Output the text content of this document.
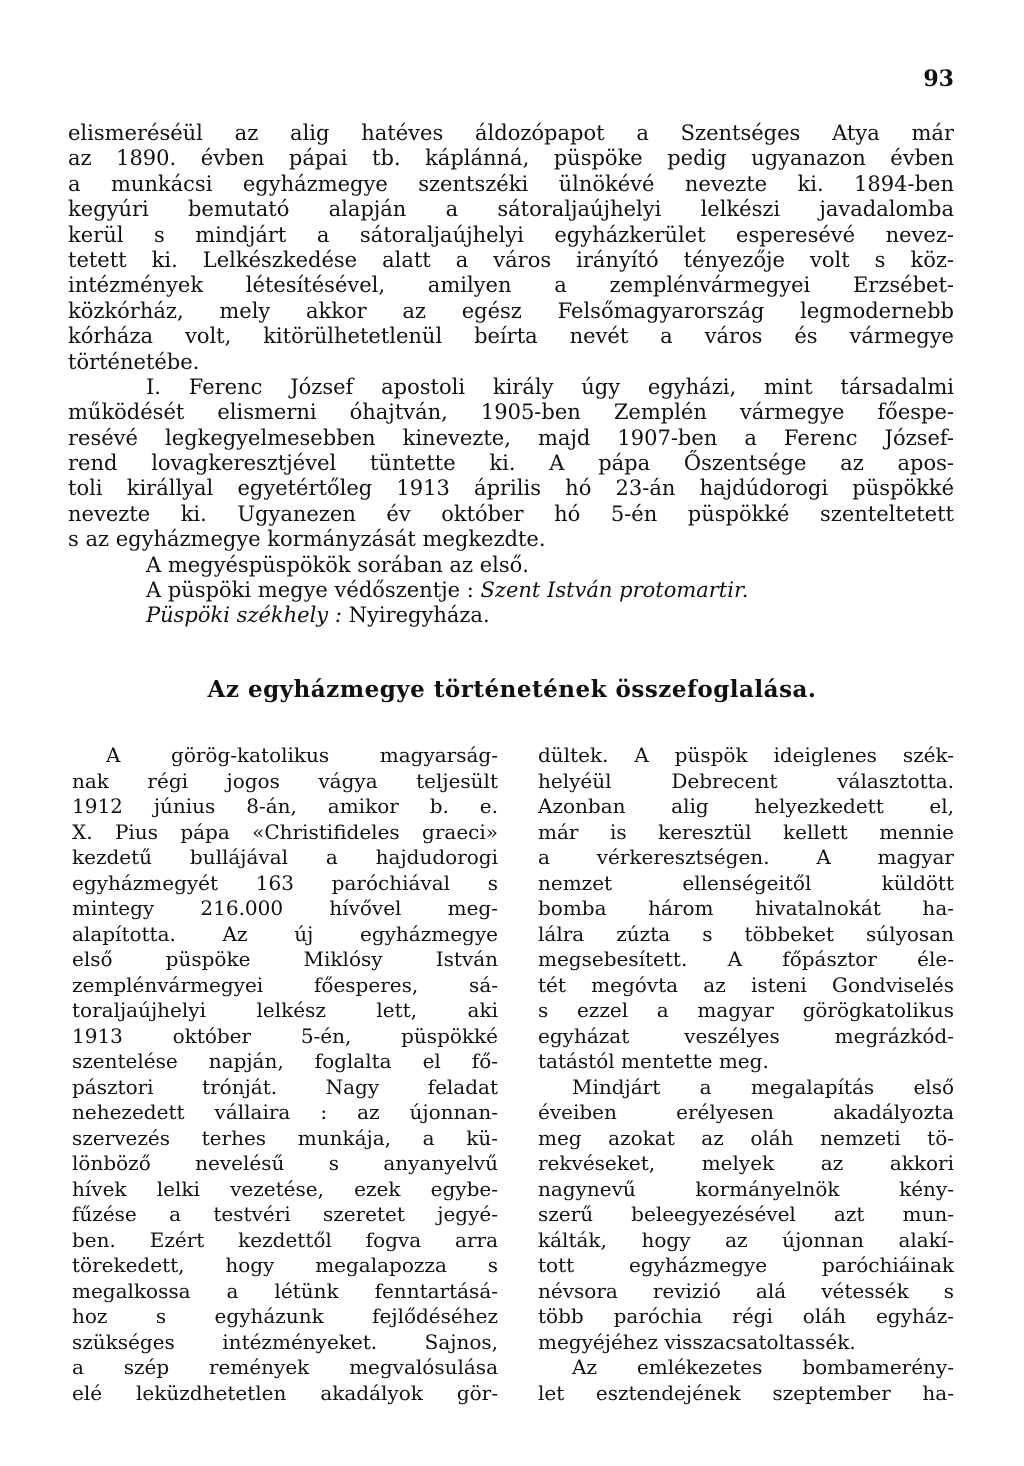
93
elismeréséül az alig hatéves áldozópapot a Szentséges Atya már
az 1890. évben pápai tb. káplánná, püspöke pedig ugyanazon évben
a munkácsi egyházmegye szentszéki ülnökévé nevezte ki. 1894-ben
kegyúri bemutató alapján a sátoraljaújhelyi lelkészi javadalomba
kerül s mindjárt a sátoraljaújhelyi egyházkerület esperesévé nevez-
tetett ki. Lelkészkedése alatt a város irányító tényezője volt s köz-
intézmények létesítésével, amilyen a zemplénvármegyei Erzsébet-
közkórház, mely akkor az egész Felsőmagyarország legmodernebb
kórháza volt, kitörülhetetlenül beírta nevét a város és vármegye
történetébe.
I. Ferenc József apostoli király úgy egyházi, mint társadalmi
működését elismerni óhajtván, 1905-ben Zemplén vármegye főespe-
resévé legkegyelmesebben kinevezte, majd 1907-ben a Ferenc József-
rend lovagkeresztjével tüntette ki. A pápa Őszentsége az apos-
toli királlyal egyetértőleg 1913 április hó 23-án hajdúdorogi püspökké
nevezte ki. Ugyanezen év október hó 5-én püspökké szenteltetett
s az egyházmegye kormányzását megkezdte.
A megyéspüspökök sorában az első.
A püspöki megye védőszentje : Szent István protomartir.
Püspöki székhely : Nyiregyháza.
Az egyházmegye történetének összefoglalása.
A görög-katolikus magyarság-
nak régi jogos vágya teljesült
1912 június 8-án, amikor b. e.
X. Pius pápa «Christifideles graeci»
kezdetű bullájával a hajdudorogi
egyházmegyét 163 paróchiával s
mintegy 216.000 hívővel meg-
alapította. Az új egyházmegye
első püspöke Miklósy István
zemplénvármegyei főesperes, sá-
toraljaújhelyi lelkész lett, aki
1913 október 5-én, püspökké
szentelése napján, foglalta el fő-
pásztori trónját. Nagy feladat
nehezedett vállaira : az újonnan-
szervezés terhes munkája, a kü-
lönböző nevelésű s anyanyelvű
hívek lelki vezetése, ezek egybe-
fűzése a testvéri szeretet jegyé-
ben. Ezért kezdettől fogva arra
törekedett, hogy megalapozza s
megalkossa a létünk fenntartásá-
hoz s egyházunk fejlődéséhez
szükséges intézményeket. Sajnos,
a szép remények megvalósulása
elé leküzdhetetlen akadályok gör-
dültek. A püspök ideiglenes szék-
helyéül Debrecent választotta.
Azonban alig helyezkedett el,
már is keresztül kellett mennie
a vérkeresztségen. A magyar
nemzet ellenségeitől küldött
bomba három hivatalnokát ha-
lálra zúzta s többeket súlyosan
megsebesített. A főpásztor éle-
tét megóvta az isteni Gondviselés
s ezzel a magyar görögkatolikus
egyházat veszélyes megrázkód-
tatástól mentette meg.
Mindjárt a megalapítás első
éveiben erélyesen akadályozta
meg azokat az oláh nemzeti tö-
rekvéseket, melyek az akkori
nagynevű kormányelnök kény-
szerű beleegyezésével azt mun-
kálták, hogy az újonnan alakí-
tott egyházmegye paróchiáinak
névsora revizió alá vétessék s
több paróchia régi oláh egyház-
megyéjéhez visszacsatoltassék.
Az emlékezetes bombamerény-
let esztendejének szeptember ha-
